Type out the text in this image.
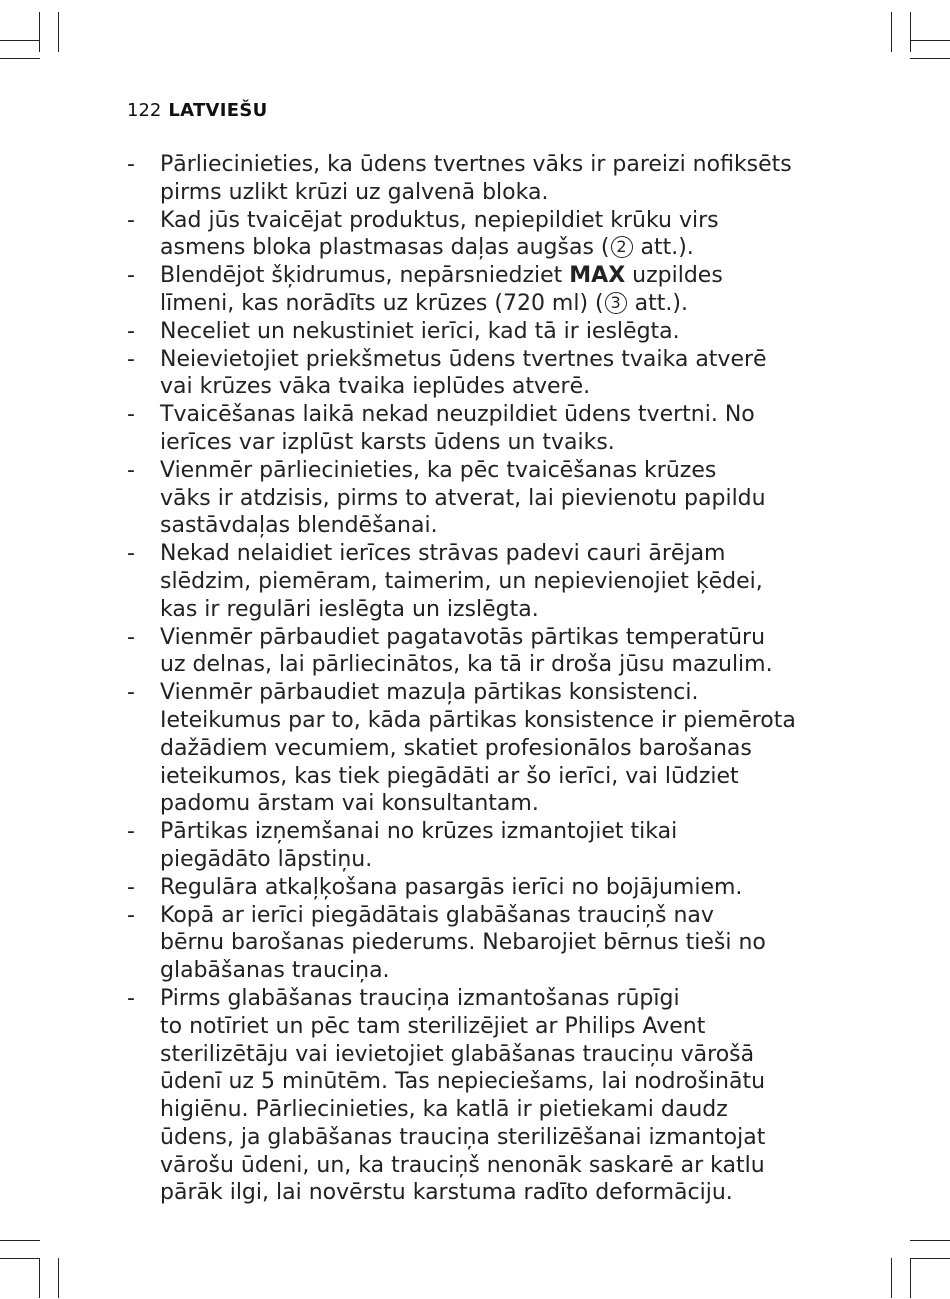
122 LATVIEŠU
- Pārliecinieties, ka ūdens tvertnes vāks ir pareizi nofiksēts
pirms uzlikt krūzi uz galvenā bloka.
- Kad jūs tvaicējat produktus, nepiepildiet krūku virs
asmens bloka plastmasas daļas augšas ( 2 att.).
- Blendējot šķidrumus, nepārsniedziet MAX uzpildes
līmeni, kas norādīts uz krūzes (720 ml) ( 3 att.).
- Neceliet un nekustiniet ierīci, kad tā ir ieslēgta.
- Neievietojiet priekšmetus ūdens tvertnes tvaika atverē
vai krūzes vāka tvaika ieplūdes atverē.
- Tvaicēšanas laikā nekad neuzpildiet ūdens tvertni. No
ierīces var izplūst karsts ūdens un tvaiks.
- Vienmēr pārliecinieties, ka pēc tvaicēšanas krūzes
vāks ir atdzisis, pirms to atverat, lai pievienotu papildu
sastāvdaļas blendēšanai.
- Nekad nelaidiet ierīces strāvas padevi cauri ārējam
slēdzim, piemēram, taimerim, un nepievienojiet ķēdei,
kas ir regulāri ieslēgta un izslēgta.
- Vienmēr pārbaudiet pagatavotās pārtikas temperatūru
uz delnas, lai pārliecinātos, ka tā ir droša jūsu mazulim.
- Vienmēr pārbaudiet mazuļa pārtikas konsistenci.
Ieteikumus par to, kāda pārtikas konsistence ir piemērota
dažādiem vecumiem, skatiet profesionālos barošanas
ieteikumos, kas tiek piegādāti ar šo ierīci, vai lūdziet
padomu ārstam vai konsultantam.
- Pārtikas izņemšanai no krūzes izmantojiet tikai
piegādāto lāpstiņu.
- Regulāra atkaļķošana pasargās ierīci no bojājumiem.
- Kopā ar ierīci piegādātais glabāšanas trauciņš nav
bērnu barošanas piederums. Nebarojiet bērnus tieši no
glabāšanas trauciņa.
- Pirms glabāšanas trauciņa izmantošanas rūpīgi
to notīriet un pēc tam sterilizējiet ar Philips Avent
sterilizētāju vai ievietojiet glabāšanas trauciņu vārošā
ūdenī uz 5 minūtēm. Tas nepieciešams, lai nodrošinātu
higiēnu. Pārliecinieties, ka katlā ir pietiekami daudz
ūdens, ja glabāšanas trauciņa sterilizēšanai izmantojat
vārošu ūdeni, un, ka trauciņš nenonāk saskarē ar katlu
pārāk ilgi, lai novērstu karstuma radīto deformāciju.
